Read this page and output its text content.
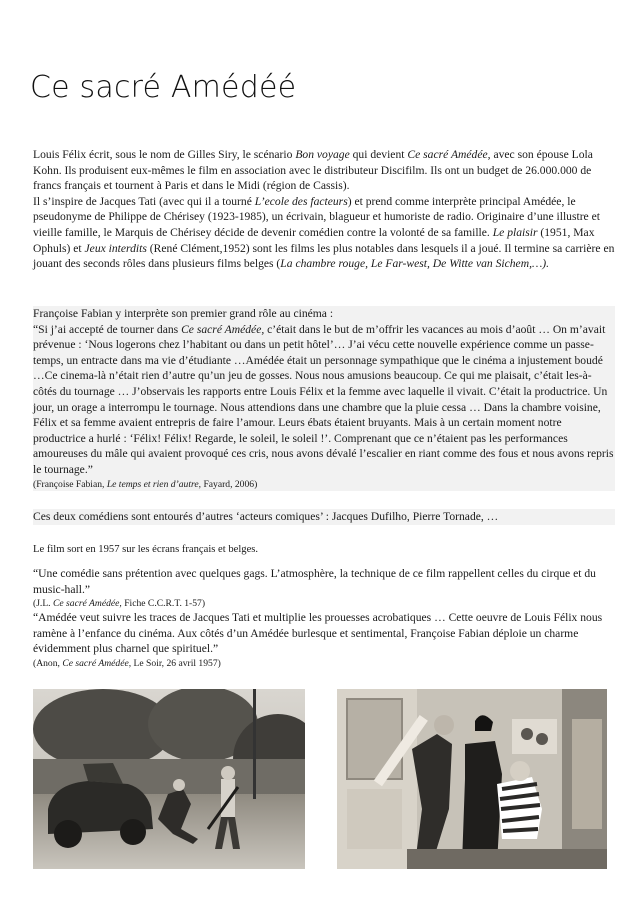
Ce sacré Amédéé

Louis Félix écrit, sous le nom de Gilles Siry, le scénario Bon voyage qui devient Ce sacré Amédée, avec son épouse Lola Kohn. Ils produisent eux-mêmes le film en association avec le distributeur Discifilm. Ils ont un budget de 26.000.000 de francs français et tournent à Paris et dans le Midi (région de Cassis).

Il s’inspire de Jacques Tati (avec qui il a tourné L’ecole des facteurs) et prend comme interprète principal Amédée, le pseudonyme de Philippe de Chérisey (1923-1985), un écrivain, blagueur et humoriste de radio. Originaire d’une illustre et vieille famille, le Marquis de Chérisey décide de devenir comédien contre la volonté de sa famille. Le plaisir (1951, Max Ophuls) et Jeux interdits (René Clément,1952) sont les films les plus notables dans lesquels il a joué. Il termine sa carrière en jouant des seconds rôles dans plusieurs films belges (La chambre rouge, Le Far-west, De Witte van Sichem,…).

Françoise Fabian y interprète son premier grand rôle au cinéma :

“Si j’ai accepté de tourner dans Ce sacré Amédée, c’était dans le but de m’offrir les vacances au mois d’août … On m’avait prévenue : ‘Nous logerons chez l’habitant ou dans un petit hôtel’… J’ai vécu cette nouvelle expérience comme un passe-temps, un entracte dans ma vie d’étudiante …Amédée était un personnage sympathique que le cinéma a injustement boudé …Ce cinema-là n’était rien d’autre qu’un jeu de gosses. Nous nous amusions beaucoup. Ce qui me plaisait, c’était les-à-côtés du tournage … J’observais les rapports entre Louis Félix et la femme avec laquelle il vivait. C’était la productrice. Un jour, un orage a interrompu le tournage. Nous attendions dans une chambre que la pluie cessa … Dans la chambre voisine, Félix et sa femme avaient entrepris de faire l’amour. Leurs ébats étaient bruyants. Mais à un certain moment notre productrice a hurlé : ‘Félix! Félix! Regarde, le soleil, le soleil !’. Comprenant que ce n’étaient pas les performances amoureuses du mâle qui avaient provoqué ces cris, nous avons dévalé l’escalier en riant comme des fous et nous avons repris le tournage.”

(Françoise Fabian, Le temps et rien d’autre, Fayard, 2006)

Ces deux comédiens sont entourés d’autres ‘acteurs comiques’ : Jacques Dufilho, Pierre Tornade, …

Le film sort en 1957 sur les écrans français et belges.

“Une comédie sans prétention avec quelques gags. L’atmosphère, la technique de ce film rappellent celles du cirque et du music-hall.”

(J.L. Ce sacré Amédée, Fiche C.C.R.T. 1-57)

“Amédée veut suivre les traces de Jacques Tati et multiplie les prouesses acrobatiques … Cette oeuvre de Louis Félix nous ramène à l’enfance du cinéma. Aux côtés d’un Amédée burlesque et sentimental, Françoise Fabian déploie un charme évidemment plus charnel que spirituel.”

(Anon, Ce sacré Amédée, Le Soir, 26 avril 1957)
